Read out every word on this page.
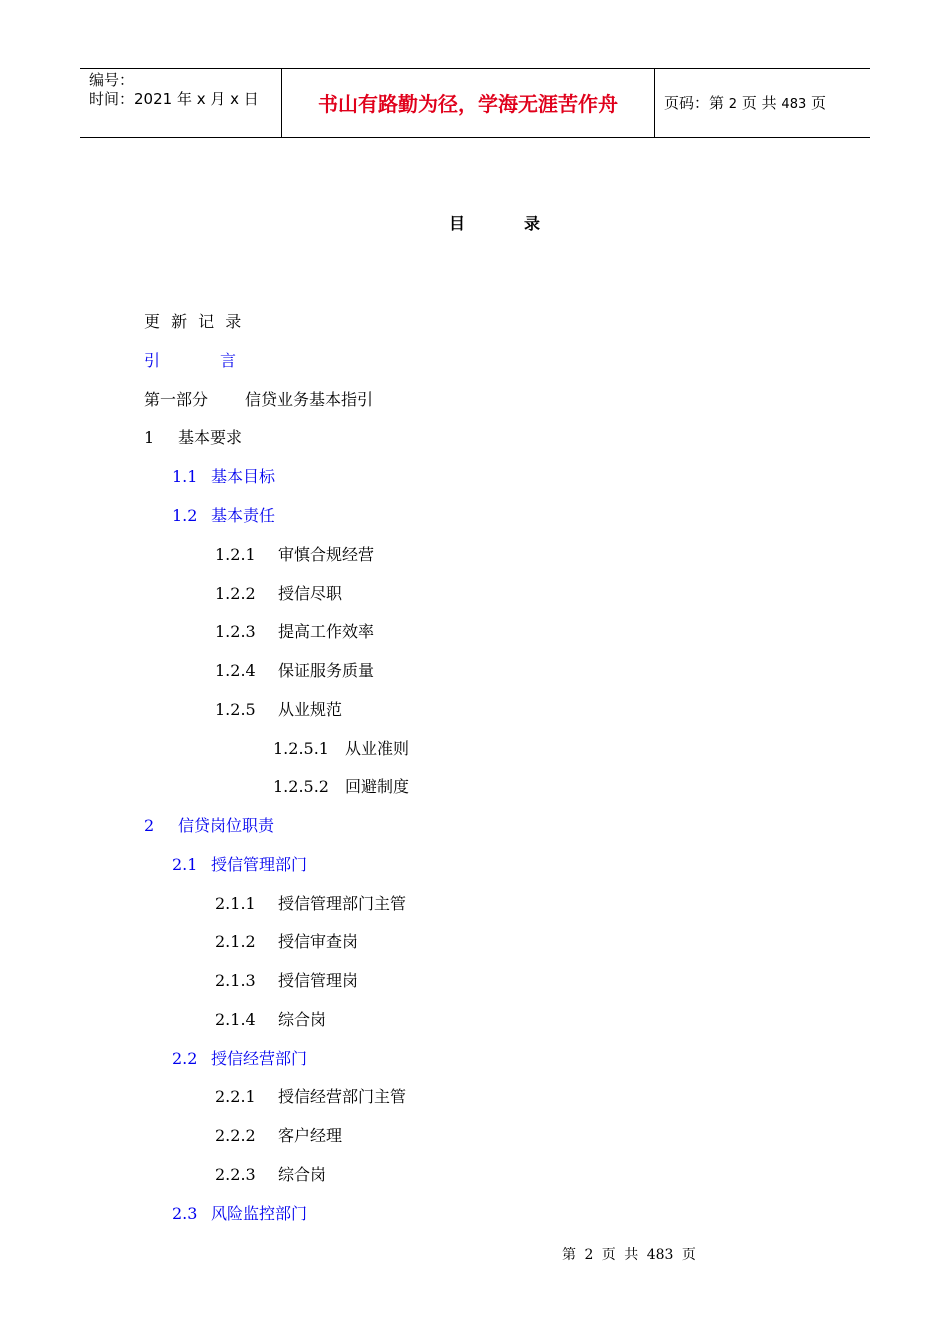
编号：
时间：2021 年 x 月 x 日	书山有路勤为径，学海无涯苦作舟	页码：第 2 页 共 483 页
目	录
更 新 记 录
引	言
第一部分 信贷业务基本指引
1 基本要求
1.1 基本目标
1.2 基本责任
1.2.1 审慎合规经营
1.2.2 授信尽职
1.2.3 提高工作效率
1.2.4 保证服务质量
1.2.5 从业规范
1.2.5.1 从业准则
1.2.5.2 回避制度
2 信贷岗位职责
2.1 授信管理部门
2.1.1 授信管理部门主管
2.1.2 授信审查岗
2.1.3 授信管理岗
2.1.4 综合岗
2.2 授信经营部门
2.2.1 授信经营部门主管
2.2.2 客户经理
2.2.3 综合岗
2.3 风险监控部门
第 2 页 共 483 页
